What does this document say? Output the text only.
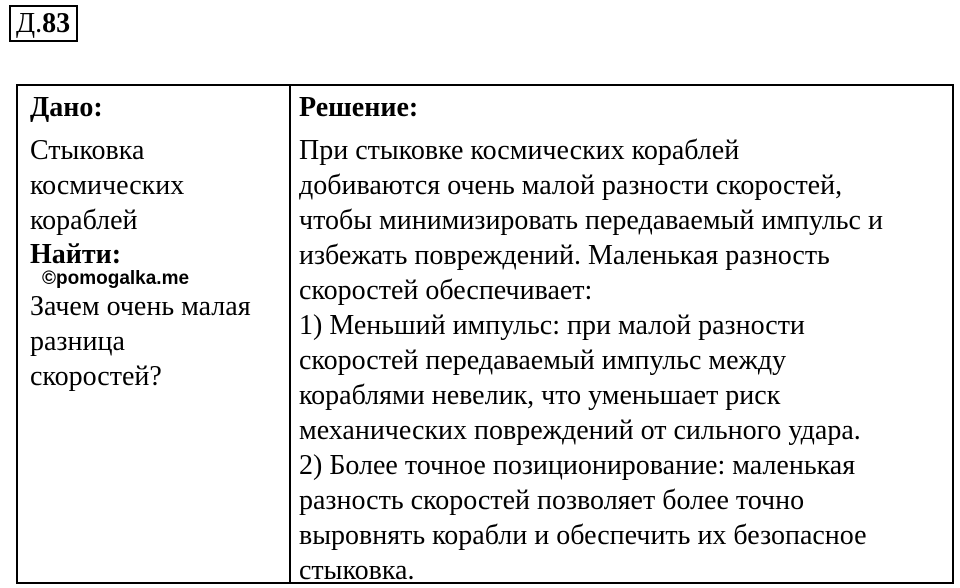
Д.83
Дано:

Стыковка
космических
кораблей

Найти:
©pomogalka.me

Зачем очень малая
разница
скоростей?

Решение:
При стыковке космических кораблей
добиваются очень малой разности скоростей,
чтобы минимизировать передаваемый импульс и
избежать повреждений. Маленькая разность
скоростей обеспечивает:
1) Меньший импульс: при малой разности
скоростей передаваемый импульс между
кораблями невелик, что уменьшает риск
механических повреждений от сильного удара.
2) Более точное позиционирование: маленькая
разность скоростей позволяет более точно
выровнять корабли и обеспечить их безопасное
стыковка.
